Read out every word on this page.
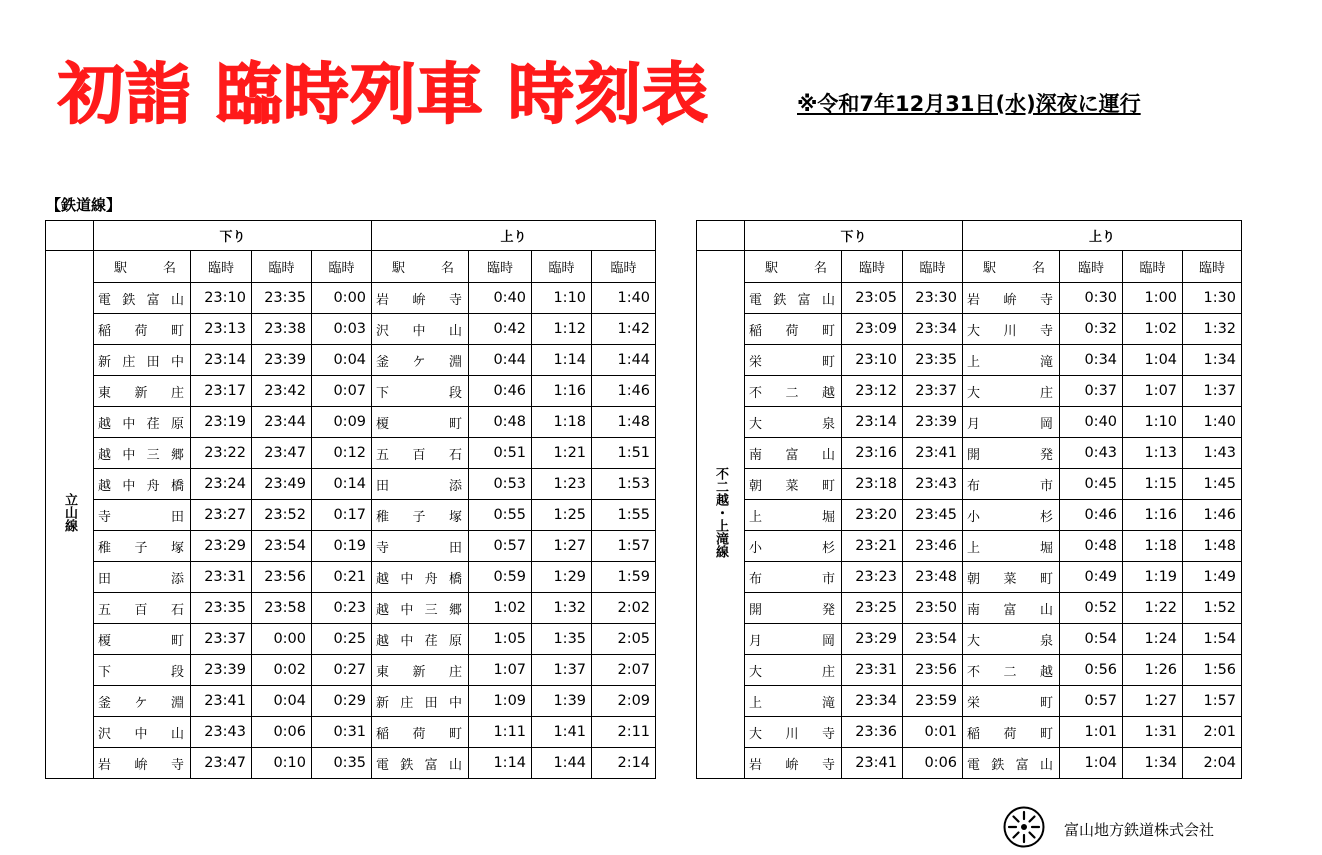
初詣 臨時列車 時刻表	※令和7年12月31日(水)深夜に運行
【鉄道線】
	下り				上り			
立山線	駅 名	臨時	臨時	臨時	駅 名	臨時	臨時	臨時

	電 鉄 富 山	23:10	23:35	0:00	岩 峅 寺	0:40	1:10	1:40

	稲 荷 町	23:13	23:38	0:03	沢 中 山	0:42	1:12	1:42

	新 庄 田 中	23:14	23:39	0:04	釜 ケ 淵	0:44	1:14	1:44

	東 新 庄	23:17	23:42	0:07	下 段	0:46	1:16	1:46

	越 中 荏 原	23:19	23:44	0:09	榎 町	0:48	1:18	1:48

	越 中 三 郷	23:22	23:47	0:12	五 百 石	0:51	1:21	1:51

	越 中 舟 橋	23:24	23:49	0:14	田 添	0:53	1:23	1:53

	寺 田	23:27	23:52	0:17	稚 子 塚	0:55	1:25	1:55

	稚 子 塚	23:29	23:54	0:19	寺 田	0:57	1:27	1:57

	田 添	23:31	23:56	0:21	越 中 舟 橋	0:59	1:29	1:59

	五 百 石	23:35	23:58	0:23	越 中 三 郷	1:02	1:32	2:02

	榎 町	23:37	0:00	0:25	越 中 荏 原	1:05	1:35	2:05

	下 段	23:39	0:02	0:27	東 新 庄	1:07	1:37	2:07

	釜 ケ 淵	23:41	0:04	0:29	新 庄 田 中	1:09	1:39	2:09

	沢 中 山	23:43	0:06	0:31	稲 荷 町	1:11	1:41	2:11

	岩 峅 寺	23:47	0:10	0:35	電 鉄 富 山	1:14	1:44	2:14
	下り			上り			
不二越・上滝線	駅 名	臨時	臨時	駅 名	臨時	臨時	臨時

	電 鉄 富 山	23:05	23:30	岩 峅 寺	0:30	1:00	1:30

	稲 荷 町	23:09	23:34	大 川 寺	0:32	1:02	1:32

	栄 町	23:10	23:35	上 滝	0:34	1:04	1:34

	不 二 越	23:12	23:37	大 庄	0:37	1:07	1:37

	大 泉	23:14	23:39	月 岡	0:40	1:10	1:40

	南 富 山	23:16	23:41	開 発	0:43	1:13	1:43

	朝 菜 町	23:18	23:43	布 市	0:45	1:15	1:45

	上 堀	23:20	23:45	小 杉	0:46	1:16	1:46

	小 杉	23:21	23:46	上 堀	0:48	1:18	1:48

	布 市	23:23	23:48	朝 菜 町	0:49	1:19	1:49

	開 発	23:25	23:50	南 富 山	0:52	1:22	1:52

	月 岡	23:29	23:54	大 泉	0:54	1:24	1:54

	大 庄	23:31	23:56	不 二 越	0:56	1:26	1:56

	上 滝	23:34	23:59	栄 町	0:57	1:27	1:57

	大 川 寺	23:36	0:01	稲 荷 町	1:01	1:31	2:01

	岩 峅 寺	23:41	0:06	電 鉄 富 山	1:04	1:34	2:04
富山地方鉄道株式会社
